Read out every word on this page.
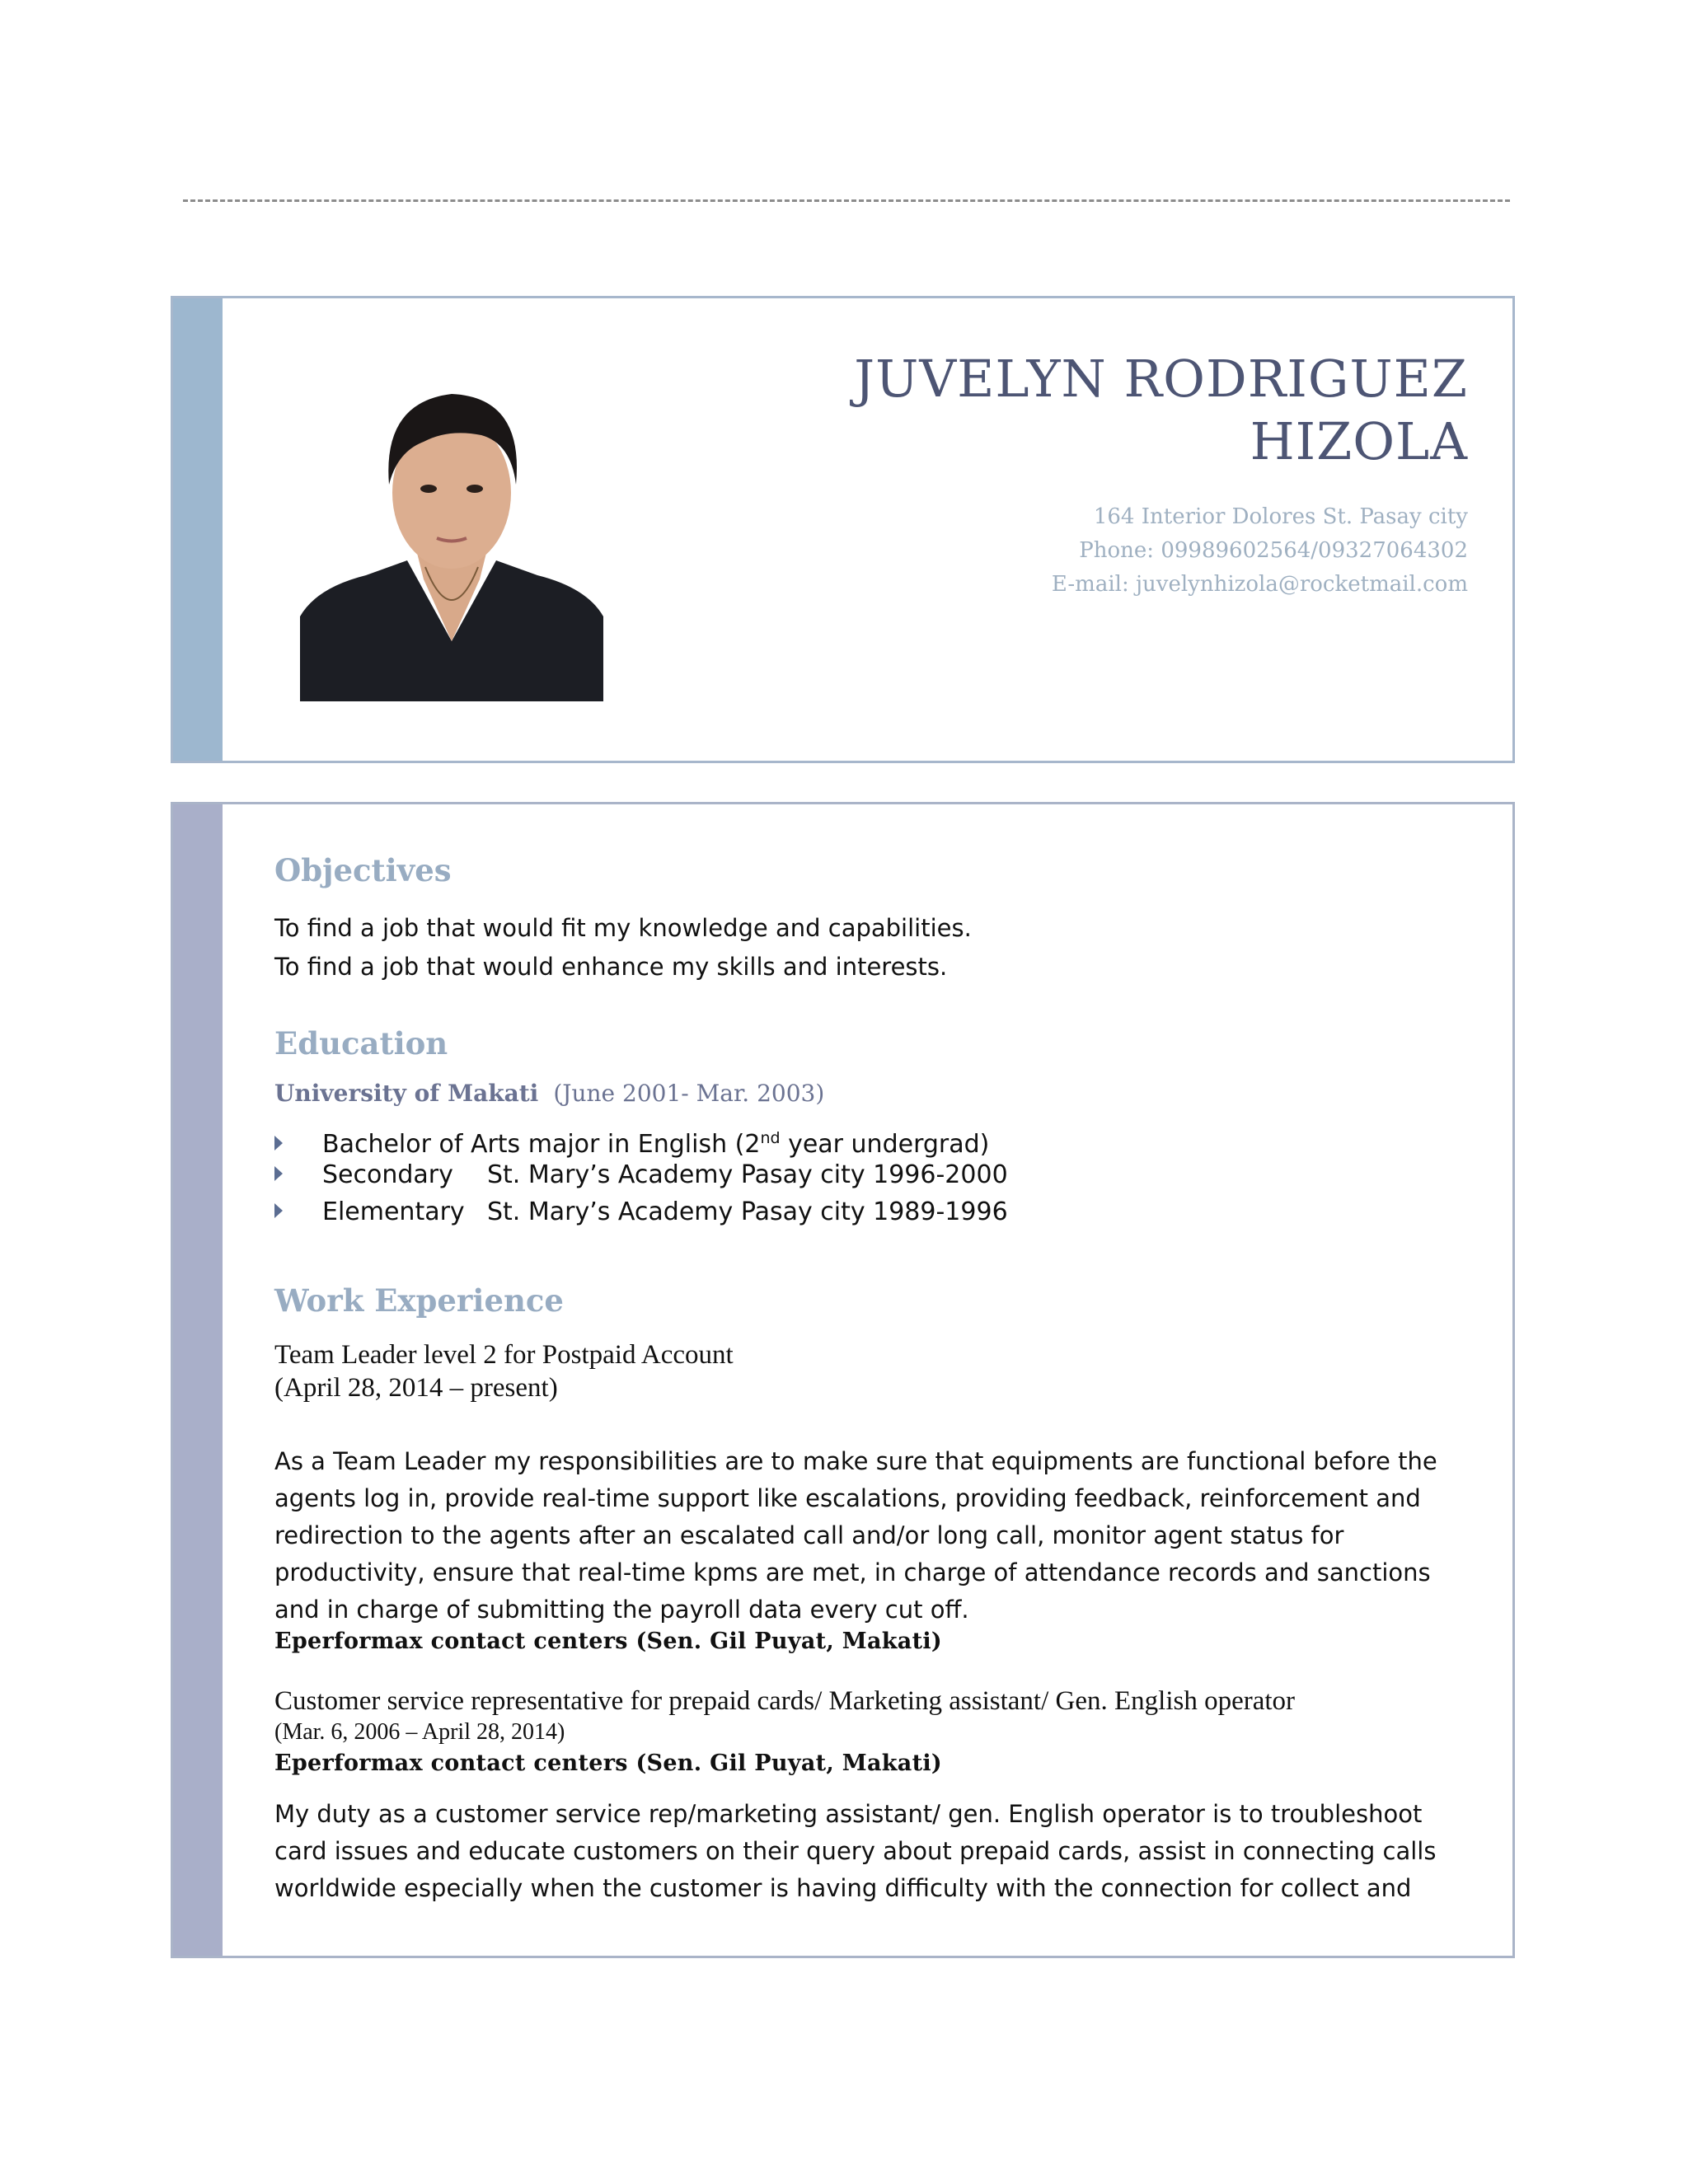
JUVELYN RODRIGUEZ
HIZOLA
164 Interior Dolores St. Pasay city
Phone: 09989602564/09327064302
E-mail: juvelynhizola@rocketmail.com
Objectives
To find a job that would fit my knowledge and capabilities.
To find a job that would enhance my skills and interests.
Education
University of Makati (June 2001- Mar. 2003)
Bachelor of Arts major in English (2nd year undergrad)
Secondary St. Mary’s Academy Pasay city 1996-2000
Elementary St. Mary’s Academy Pasay city 1989-1996
Work Experience
Team Leader level 2 for Postpaid Account
(April 28, 2014 – present)
As a Team Leader my responsibilities are to make sure that equipments are functional before the
agents log in, provide real-time support like escalations, providing feedback, reinforcement and
redirection to the agents after an escalated call and/or long call, monitor agent status for
productivity, ensure that real-time kpms are met, in charge of attendance records and sanctions
and in charge of submitting the payroll data every cut off.
Eperformax contact centers (Sen. Gil Puyat, Makati)
Customer service representative for prepaid cards/ Marketing assistant/ Gen. English operator
(Mar. 6, 2006 – April 28, 2014)
Eperformax contact centers (Sen. Gil Puyat, Makati)
My duty as a customer service rep/marketing assistant/ gen. English operator is to troubleshoot
card issues and educate customers on their query about prepaid cards, assist in connecting calls
worldwide especially when the customer is having difficulty with the connection for collect and
